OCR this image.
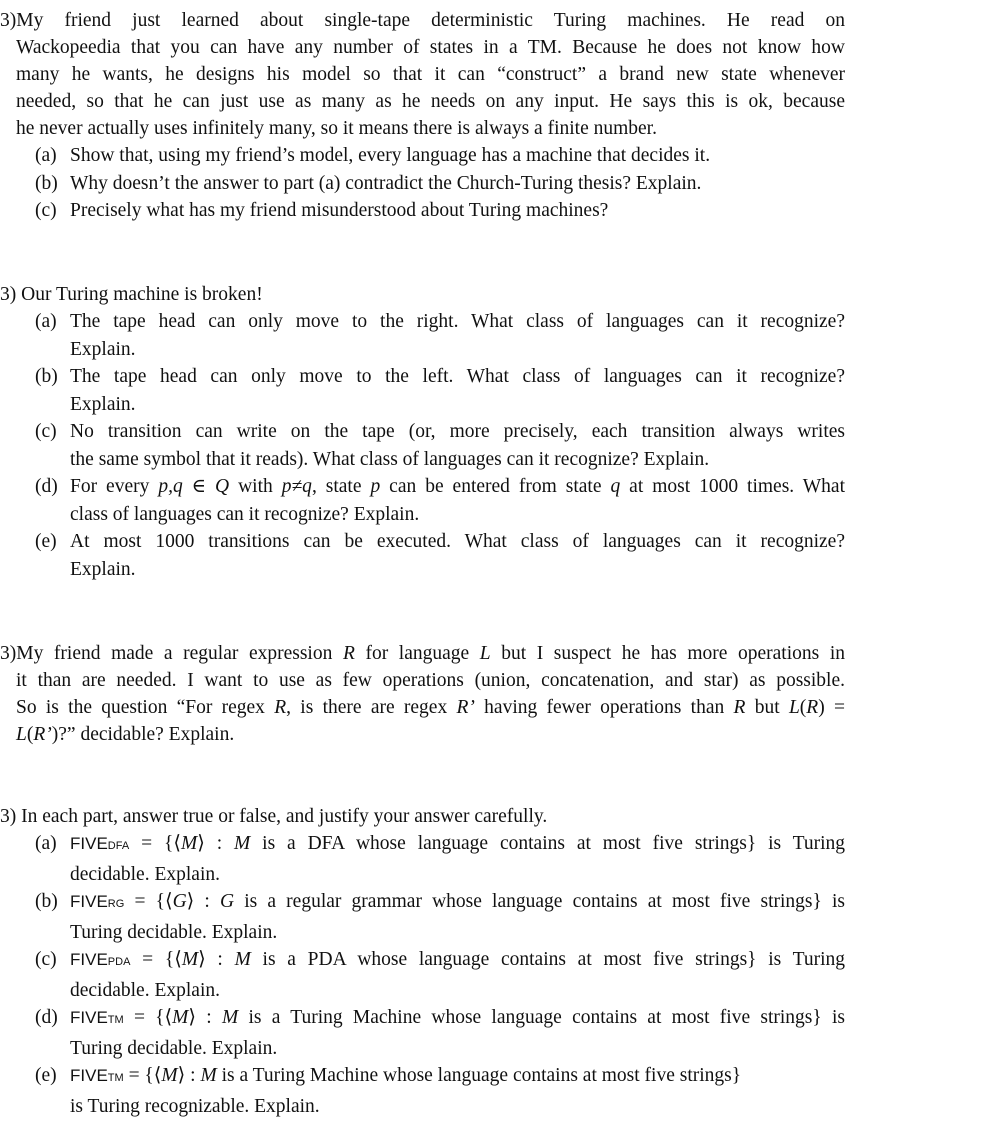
3)My friend just learned about single-tape deterministic Turing machines. He read on

Wackopeedia that you can have any number of states in a TM. Because he does not know how

many he wants, he designs his model so that it can “construct” a brand new state whenever

needed, so that he can just use as many as he needs on any input. He says this is ok, because

he never actually uses infinitely many, so it means there is always a finite number.

(a) Show that, using my friend’s model, every language has a machine that decides it.
(b) Why doesn’t the answer to part (a) contradict the Church-Turing thesis? Explain.
(c) Precisely what has my friend misunderstood about Turing machines?

3) Our Turing machine is broken!

(a) The tape head can only move to the right. What class of languages can it recognize?
Explain.
(b) The tape head can only move to the left. What class of languages can it recognize?
Explain.
(c) No transition can write on the tape (or, more precisely, each transition always writes
the same symbol that it reads). What class of languages can it recognize? Explain.
(d) For every p,q ∈ Q with p≠q, state p can be entered from state q at most 1000 times. What
class of languages can it recognize? Explain.
(e) At most 1000 transitions can be executed. What class of languages can it recognize?
Explain.

3)My friend made a regular expression R for language L but I suspect he has more operations in

it than are needed. I want to use as few operations (union, concatenation, and star) as possible.

So is the question “For regex R, is there are regex R’ having fewer operations than R but L(R) =

L(R’)?” decidable? Explain.

3) In each part, answer true or false, and justify your answer carefully.

(a) FIVEDFA = {⟨M⟩ : M is a DFA whose language contains at most five strings} is Turing
decidable. Explain.
(b) FIVERG = {⟨G⟩ : G is a regular grammar whose language contains at most five strings} is
Turing decidable. Explain.
(c) FIVEPDA = {⟨M⟩ : M is a PDA whose language contains at most five strings} is Turing
decidable. Explain.
(d) FIVETM = {⟨M⟩ : M is a Turing Machine whose language contains at most five strings} is
Turing decidable. Explain.
(e) FIVETM = {⟨M⟩ : M is a Turing Machine whose language contains at most five strings}
is Turing recognizable. Explain.
